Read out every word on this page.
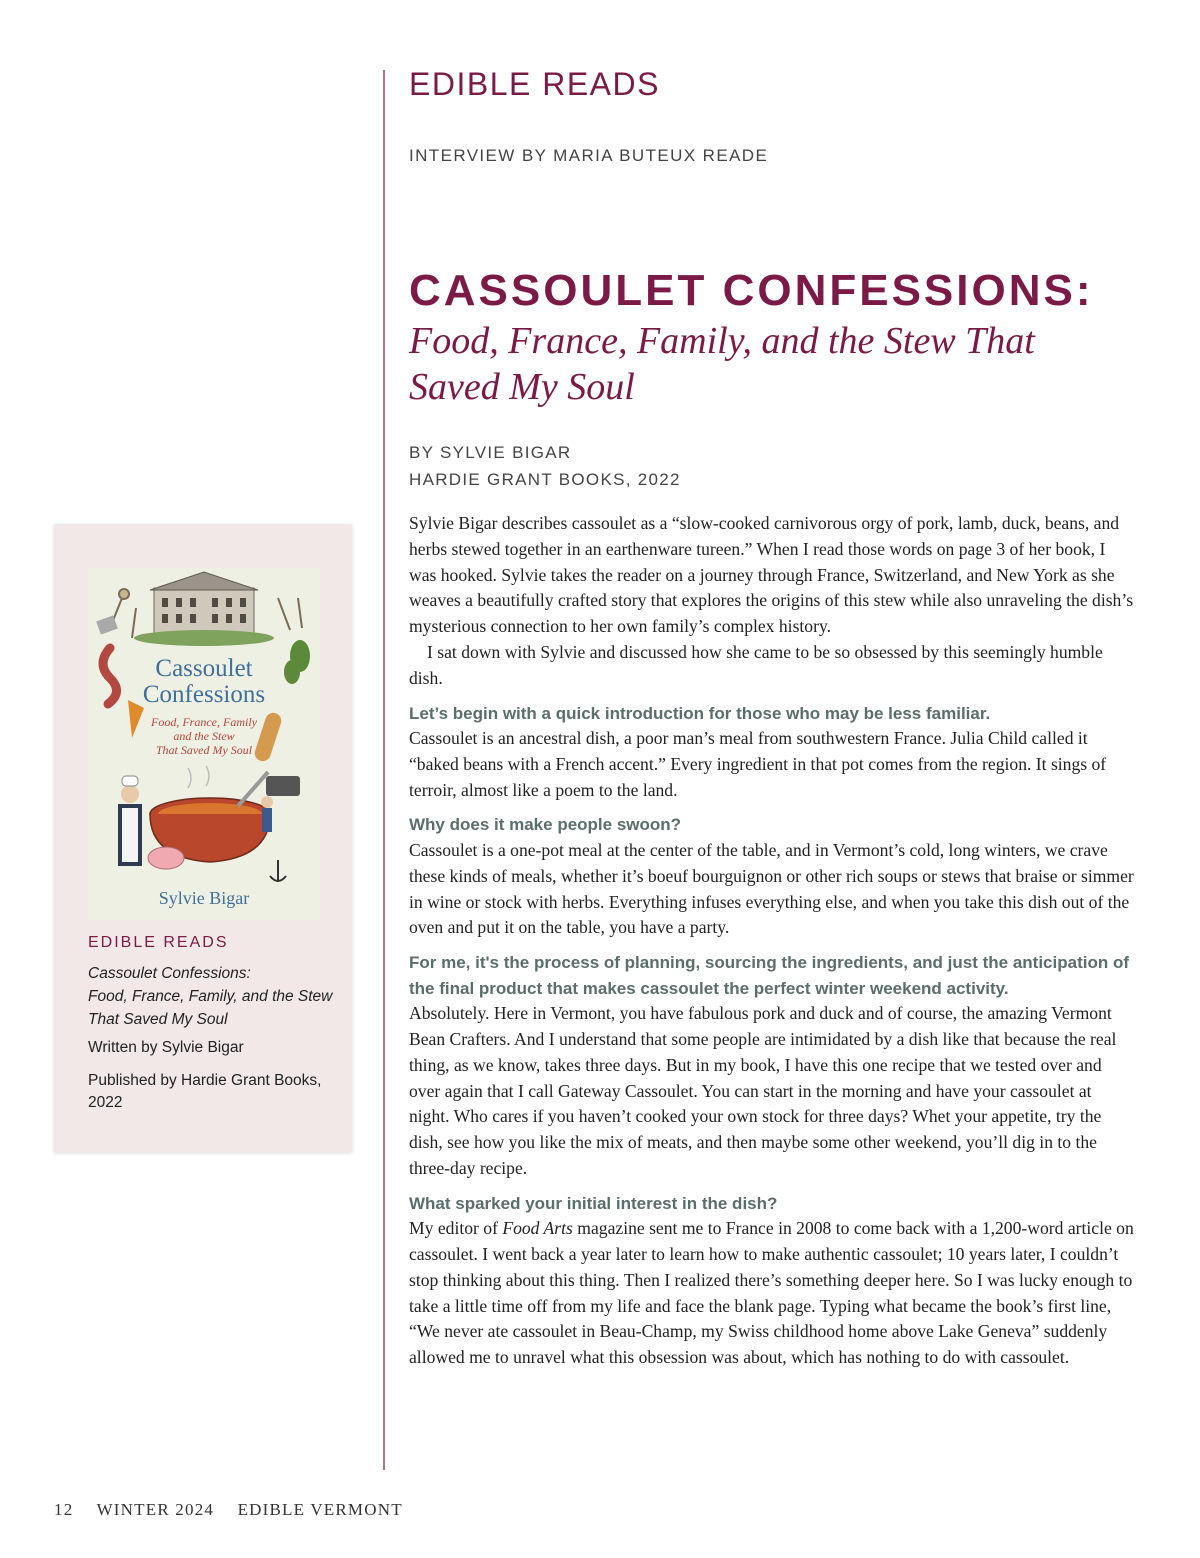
EDIBLE READS
INTERVIEW BY MARIA BUTEUX READE
CASSOULET CONFESSIONS:
Food, France, Family, and the Stew That Saved My Soul
BY SYLVIE BIGAR
HARDIE GRANT BOOKS, 2022

Sylvie Bigar describes cassoulet as a “slow-cooked carnivorous orgy of pork, lamb, duck, beans, and herbs stewed together in an earthenware tureen.” When I read those words on page 3 of her book, I was hooked. Sylvie takes the reader on a journey through France, Switzerland, and New York as she weaves a beautifully crafted story that explores the origins of this stew while also unraveling the dish’s mysterious connection to her own family’s complex history.

I sat down with Sylvie and discussed how she came to be so obsessed by this seemingly humble dish.

Let’s begin with a quick introduction for those who may be less familiar.

Cassoulet is an ancestral dish, a poor man’s meal from southwestern France. Julia Child called it “baked beans with a French accent.” Every ingredient in that pot comes from the region. It sings of terroir, almost like a poem to the land.

Why does it make people swoon?

Cassoulet is a one-pot meal at the center of the table, and in Vermont’s cold, long winters, we crave these kinds of meals, whether it’s boeuf bourguignon or other rich soups or stews that braise or simmer in wine or stock with herbs. Everything infuses everything else, and when you take this dish out of the oven and put it on the table, you have a party.

For me, it's the process of planning, sourcing the ingredients, and just the anticipation of the final product that makes cassoulet the perfect winter weekend activity.

Absolutely. Here in Vermont, you have fabulous pork and duck and of course, the amazing Vermont Bean Crafters. And I understand that some people are intimidated by a dish like that because the real thing, as we know, takes three days. But in my book, I have this one recipe that we tested over and over again that I call Gateway Cassoulet. You can start in the morning and have your cassoulet at night. Who cares if you haven’t cooked your own stock for three days? Whet your appetite, try the dish, see how you like the mix of meats, and then maybe some other weekend, you’ll dig in to the three-day recipe.

What sparked your initial interest in the dish?

My editor of Food Arts magazine sent me to France in 2008 to come back with a 1,200-word article on cassoulet. I went back a year later to learn how to make authentic cassoulet; 10 years later, I couldn’t stop thinking about this thing. Then I realized there’s something deeper here. So I was lucky enough to take a little time off from my life and face the blank page. Typing what became the book’s first line, “We never ate cassoulet in Beau-Champ, my Swiss childhood home above Lake Geneva” suddenly allowed me to unravel what this obsession was about, which has nothing to do with cassoulet.

Cassoulet
Confessions
Food, France, Family
and the Stew
That Saved My Soul
Sylvie Bigar
EDIBLE READS
Cassoulet Confessions:
Food, France, Family, and the Stew That Saved My Soul
Written by Sylvie Bigar
Published by Hardie Grant Books, 2022
12 WINTER 2024 EDIBLE VERMONT
